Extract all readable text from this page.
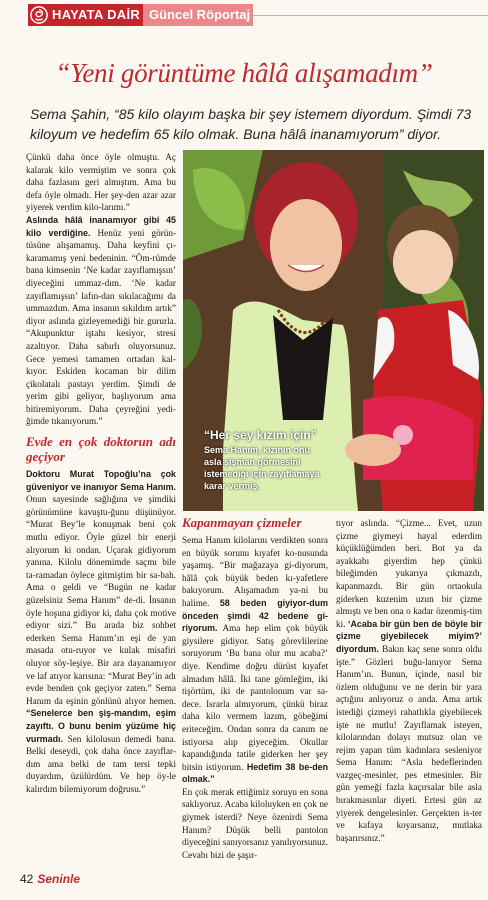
HAYATA DAİR Güncel Röportaj
“Yeni görüntüme hâlâ alışamadım”
Sema Şahin, “85 kilo olayım başka bir şey istemem diyordum. Şimdi 73 kiloyum ve hedefim 65 kilo olmak. Buna hâlâ inanamıyorum” diyor.

Çünkü daha önce öyle olmuştu. Aç kalarak kilo vermiştim ve sonra çok daha fazlasını geri almıştım. Ama bu defa öyle olmadı. Her şey-den azar azar yiyerek verdim kilo-larımı.”

Aslında hâlâ inanamıyor gibi 45 kilo verdiğine. Henüz yeni görün-tüsüne alışamamış. Daha keyfini çı-karamamış yeni bedeninin. “Öm-rümde bana kimsenin ‘Ne kadar zayıflamışsın’ diyeceğini ummaz-dım. ‘Ne kadar zayıflamışsın’ lafın-dan sıkılacağımı da ummazdım. Ama insanın sıkıldım artık” diyor aslında gizleyemediği bir gururla. “Akupunktur iştahı kesiyor, stresi azaltıyor. Daha sabırlı oluyorsunuz. Gece yemesi tamamen ortadan kal-kıyor. Eskiden kocaman bir dilim çikolatalı pastayı yerdim. Şimdi de yerim gibi geliyor, başlıyorum ama bitiremiyorum. Daha çeyreğini yedi-ğimde tıkanıyorum.”

Evde en çok doktorun adı geçiyor

Doktoru Murat Topoğlu’na çok güveniyor ve inanıyor Sema Hanım. Onun sayesinde sağlığına ve şimdiki görünümüne kavuştu-ğunu düşünüyor. “Murat Bey’le konuşmak beni çok mutlu ediyor. Öyle güzel bir enerji alıyorum ki ondan. Uçarak gidiyorum yanına. Kilolu dönemimde saçmı bile ta-ramadan öylece gitmiştim bir sa-bah. Ama o geldi ve “Bugün ne kadar güzelsiniz Sema Hanım” de-di. İnsanın öyle hoşuna gidiyor ki, daha çok motive ediyor sizi.” Bu arada biz sohbet ederken Sema Hanım’ın eşi de yan masada otu-ruyor ve kulak misafiri oluyor söy-leşiye. Bir ara dayanamıyor ve laf atıyor karısına: “Murat Bey’in adı evde benden çok geçiyor zaten.” Sema Hanım da eşinin gönlünü alıyor hemen. “Senelerce ben şiş-mandım, eşim zayıftı. O bunu benim yüzüme hiç vurmadı. Sen kilolusun demedi bana. Belki deseydi, çok daha önce zayıflar-dım ama belki de tam tersi tepki duyardım, üzülürdüm. Ve hep öy-le kalırdım bilemiyorum doğrusu.”

“Her şey kızım için”
Sema Hanım, kızının onu asla şişman görmesini istemediği için zayıflamaya karar vermiş.
Kapanmayan çizmeler

Sema Hanım kilolarını verdikten sonra en büyük sorunu kıyafet ko-nusunda yaşamış. “Bir mağazaya gi-diyorum, hâlâ çok büyük beden kı-yafetlere bakıyorum. Alışamadım ya-ni bu halime. 58 beden giyiyor-dum önceden şimdi 42 bedene gi-riyorum. Ama hep elim çok büyük giysilere gidiyor. Satış görevlilerine soruyorum ‘Bu bana olur mu acaba?’ diye. Kendime doğru dürüst kıyafet almadım hâlâ. İki tane gömleğim, iki tişörtüm, iki de pantolonum var sa-dece. Israrla almıyorum, çünkü biraz daha kilo vermem lazım, göbeğimi eriteceğim. Ondan sonra da canım ne istiyorsa alıp giyeceğim. Okullar kapandığında tatile giderken her şey bitsin istiyorum. Hedefim 38 be-den olmak.”

En çok merak ettiğimiz soruyu en sona saklıyoruz. Acaba kiloluyken en çok ne giymek isterdi? Neye özenirdi Sema Hanım? Düşük belli pantolon diyeceğini sanıyorsanız yanılıyorsunuz. Cevabı bizi de şaşır-

tıyor aslında. “Çizme... Evet, uzun çizme giymeyi hayal ederdim küçüklüğümden beri. Bot ya da ayakkabı giyerdim hep çünkü bileğimden yukarıya çıkmazdı, kapanmazdı. Bir gün ortaokula giderken kuzenim uzun bir çizme almıştı ve ben ona o kadar özenmiş-tim ki. ‘Acaba bir gün ben de böyle bir çizme giyebilecek miyim?’ diyordum. Bakın kaç sene sonra oldu işte.” Gözleri buğu-lanıyor Sema Hanım’ın. Bunun, içinde, nasıl bir özlem olduğunu ve ne derin bir yara açtığını anlıyoruz o anda. Ama artık istediği çizmeyi rahatlıkla giyebilecek işte ne mutlu! Zayıflamak isteyen, kilolarından dolayı mutsuz olan ve rejim yapan tüm kadınlara sesleniyor Sema Hanım: “Asla hedeflerinden vazgeç-mesinler, pes etmesinler. Bir gün yemeği fazla kaçırsalar bile asla bırakmasınlar diyeti. Ertesi gün az yiyerek dengelesinler. Gerçekten is-ter ve kafaya koyarsanız, mutlaka başarırsınız.”

42 Seninle
